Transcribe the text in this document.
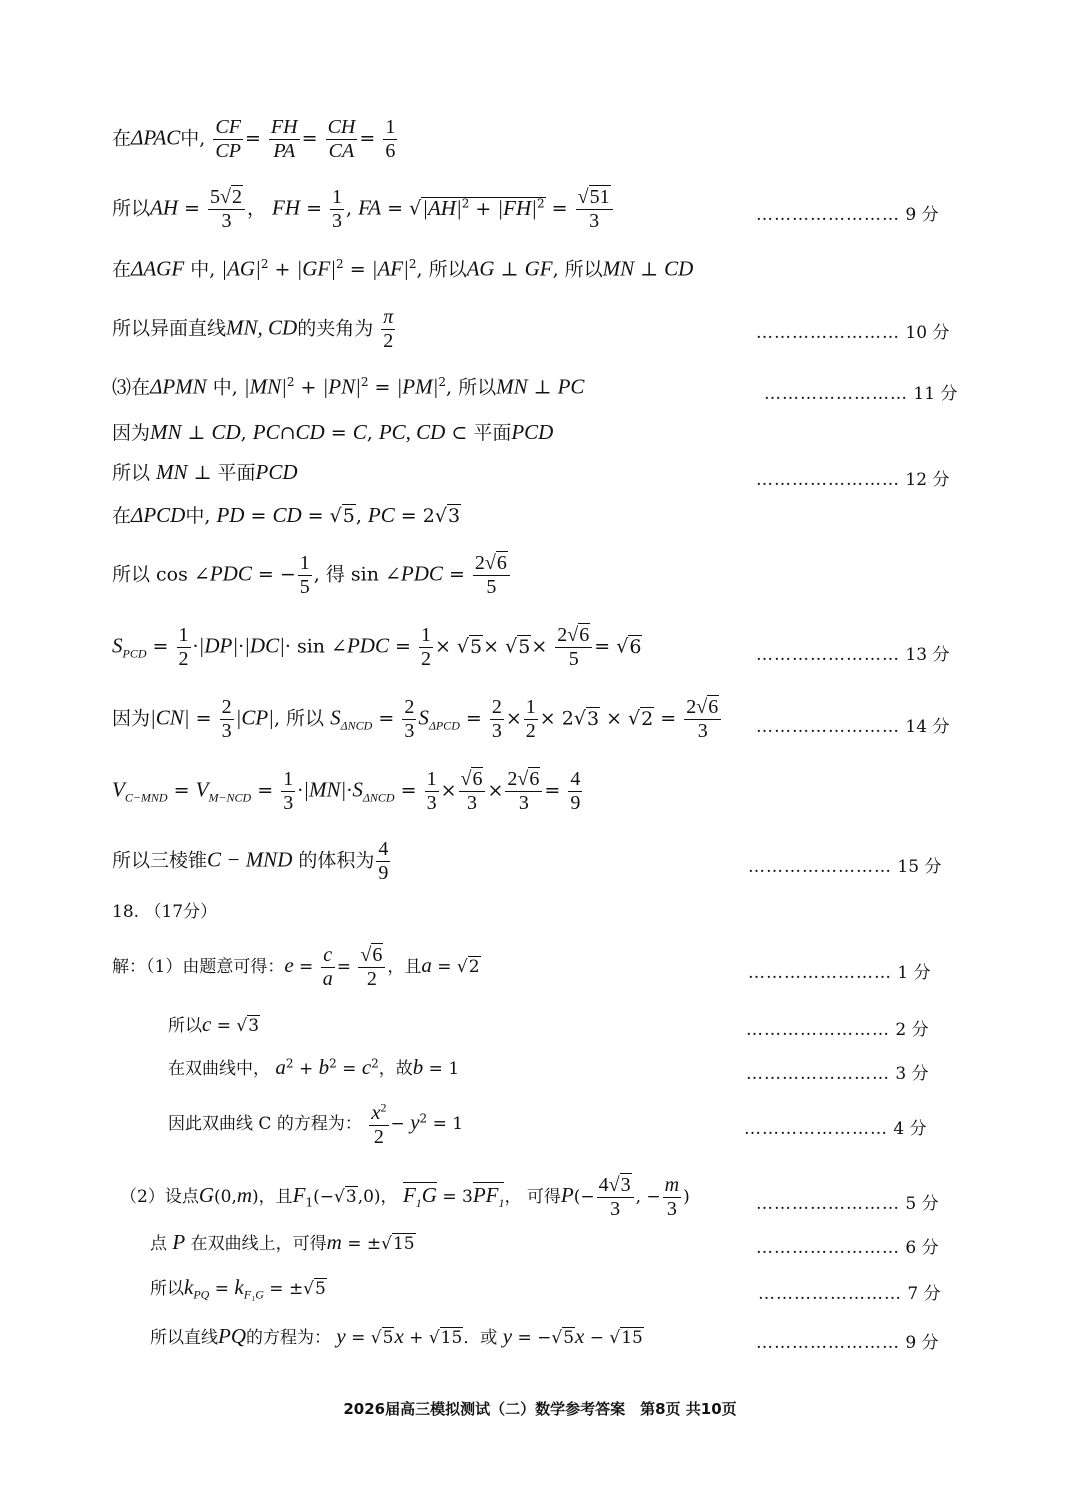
在ΔPAC中, $\frac{CF}{CP} = \frac{FH}{PA} = \frac{CH}{CA} = \frac{1}{6}$
所以AH = $\frac{5√2}{3}$ ， FH = $\frac{1}{3}$ , FA = $√|AH|^2 + |FH|^2 = \frac{√51}{3}$	…………………… 9 分
在ΔAGF 中, $|AG|^2 + |GF|^2 = |AF|^2$, 所以AG ⊥ GF, 所以MN ⊥ CD
所以异面直线MN, CD的夹角为 $\frac{\pi}{2}$	…………………… 10 分
⑶在ΔPMN 中, $|MN|^2 + |PN|^2 = |PM|^2$, 所以MN ⊥ PC	…………………… 11 分
因为MN ⊥ CD, PC∩CD = C, PC, CD ⊂ 平面PCD
所以 MN ⊥ 平面PCD	…………………… 12 分
在ΔPCD中, PD = CD = √5, PC = 2√3
所以 cos ∠PDC = − $\frac{1}{5}$ , 得 sin ∠PDC = $\frac{2√6}{5}$
$S_{PCD} = \frac{1}{2} \cdot|DP|\cdot|DC|\cdot \sin$ ∠PDC = $\frac{1}{2} \times √5\times √5\times \frac{2√6}{5} = √6$	…………………… 13 分
因为$|CN| = \frac{2}{3} |CP|$, 所以 $S_{\Delta NCD} = \frac{2}{3} S_{\Delta PCD} = \frac{2}{3} \times \frac{1}{2} \times 2√3 \times √2 = \frac{2√6}{3}$ …………………… 14 分
$V_{C-MND} = V_{M-NCD} = \frac{1}{3} \cdot|MN|\cdot S_{\Delta NCD} = \frac{1}{3} \times \frac{√6}{3} \times \frac{2√6}{3} = \frac{4}{9}$
所以三棱锥C − MND 的体积为 $\frac{4}{9}$	…………………… 15 分
18. （17分）
解：（1）由题意可得：$e = \frac{c}{a} = \frac{√6}{2}$ ，且a = √2	…………………… 1 分
所以c = √3	…………………… 2 分
在双曲线中， $a^2 + b^2 = c^2$，故b = 1	…………………… 3 分
因此双曲线 C 的方程为： $\frac{x^2}{2} - y^2 = 1$	…………………… 4 分
（2）设点G(0,m)，且$F_1(-√3,0)$， $F_1G = 3PF_1$， 可得$P(- \frac{4√3}{3}$ , − $\frac{m}{3}$ )	…………………… 5 分
点 P 在双曲线上，可得m = ±√15	…………………… 6 分
所以$k_{PQ} = k_{F_1G} = \pm√5$	…………………… 7 分
所以直线PQ的方程为： y = √5x + √15．或 y = −√5x − √15	…………………… 9 分
2026届高三模拟测试（二）数学参考答案　第8页 共10页
